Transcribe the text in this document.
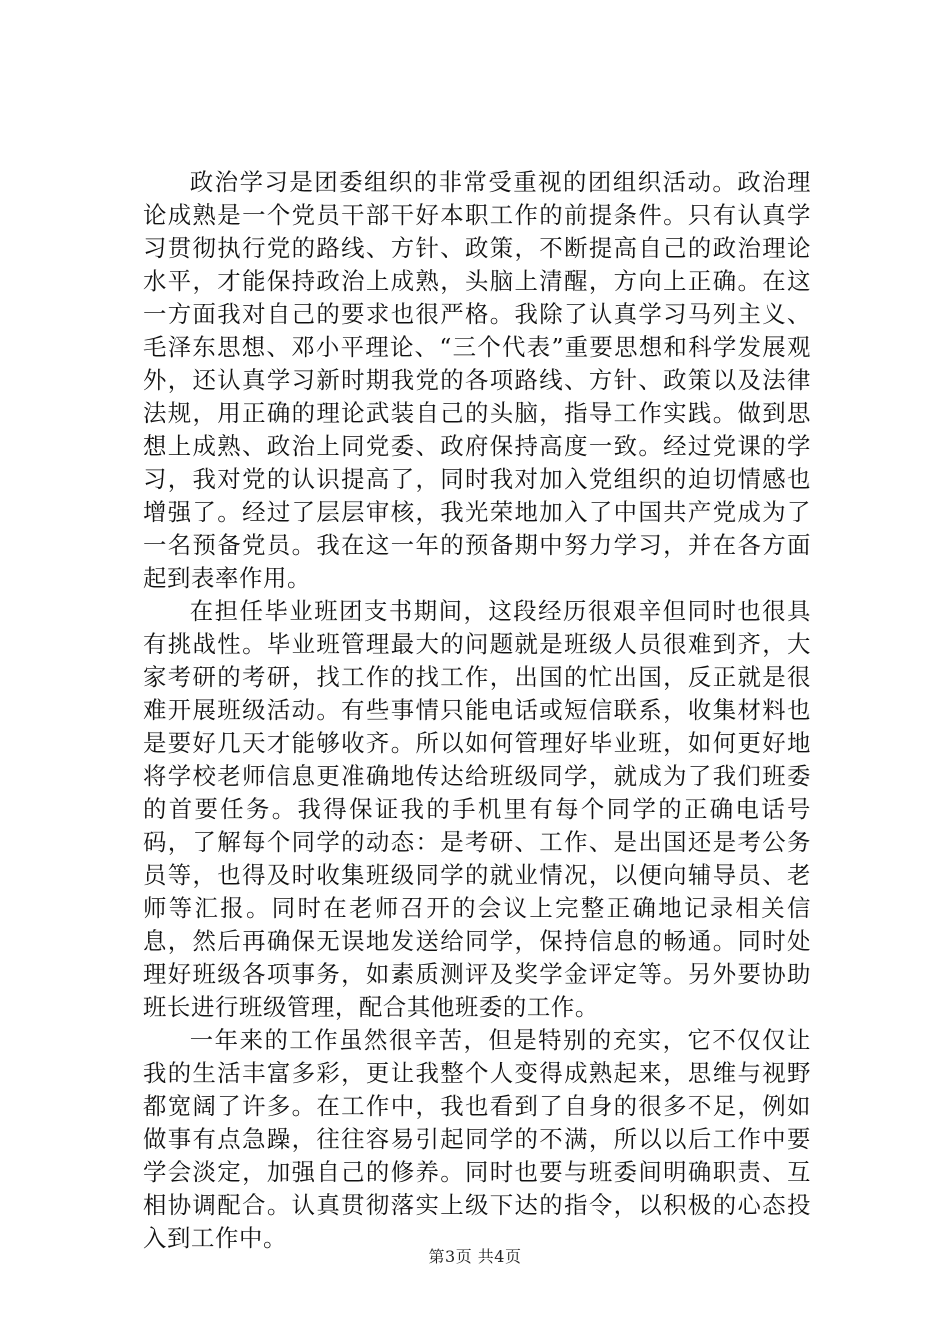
政治学习是团委组织的非常受重视的团组织活动。政治理论成熟是一个党员干部干好本职工作的前提条件。只有认真学习贯彻执行党的路线、方针、政策，不断提高自己的政治理论水平，才能保持政治上成熟，头脑上清醒，方向上正确。在这一方面我对自己的要求也很严格。我除了认真学习马列主义、毛泽东思想、邓小平理论、“三个代表”重要思想和科学发展观外，还认真学习新时期我党的各项路线、方针、政策以及法律法规，用正确的理论武装自己的头脑，指导工作实践。做到思想上成熟、政治上同党委、政府保持高度一致。经过党课的学习，我对党的认识提高了，同时我对加入党组织的迫切情感也增强了。经过了层层审核，我光荣地加入了中国共产党成为了一名预备党员。我在这一年的预备期中努力学习，并在各方面起到表率作用。

在担任毕业班团支书期间，这段经历很艰辛但同时也很具有挑战性。毕业班管理最大的问题就是班级人员很难到齐，大家考研的考研，找工作的找工作，出国的忙出国，反正就是很难开展班级活动。有些事情只能电话或短信联系，收集材料也是要好几天才能够收齐。所以如何管理好毕业班，如何更好地将学校老师信息更准确地传达给班级同学，就成为了我们班委的首要任务。我得保证我的手机里有每个同学的正确电话号码，了解每个同学的动态：是考研、工作、是出国还是考公务员等，也得及时收集班级同学的就业情况，以便向辅导员、老师等汇报。同时在老师召开的会议上完整正确地记录相关信息，然后再确保无误地发送给同学，保持信息的畅通。同时处理好班级各项事务，如素质测评及奖学金评定等。另外要协助班长进行班级管理，配合其他班委的工作。

一年来的工作虽然很辛苦，但是特别的充实，它不仅仅让我的生活丰富多彩，更让我整个人变得成熟起来，思维与视野都宽阔了许多。在工作中，我也看到了自身的很多不足，例如做事有点急躁，往往容易引起同学的不满，所以以后工作中要学会淡定，加强自己的修养。同时也要与班委间明确职责、互相协调配合。认真贯彻落实上级下达的指令，以积极的心态投入到工作中。

第3页 共4页
